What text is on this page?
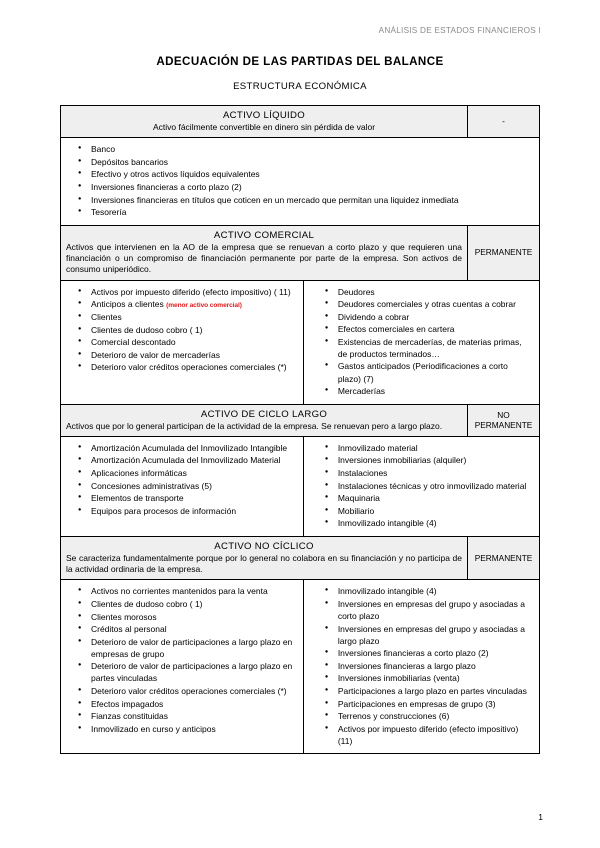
ANÁLISIS DE ESTADOS FINANCIEROS I
ADECUACIÓN DE LAS PARTIDAS DEL BALANCE
ESTRUCTURA ECONÓMICA
ACTIVO LÍQUIDO
Activo fácilmente convertible en dinero sin pérdida de valor
-
● Banco
● Depósitos bancarios
● Efectivo y otros activos líquidos equivalentes
● Inversiones financieras a corto plazo (2)
● Inversiones financieras en títulos que coticen en un mercado que permitan una liquidez inmediata
● Tesorería
ACTIVO COMERCIAL
Activos que intervienen en la AO de la empresa que se renuevan a corto plazo y que requieren una financiación o un compromiso de financiación permanente por parte de la empresa. Son activos de consumo uniperiódico.
PERMANENTE
● Activos por impuesto diferido (efecto impositivo) ( 11)
● Anticipos a clientes (menor activo comercial)
● Clientes
● Clientes de dudoso cobro ( 1)
● Comercial descontado
● Deterioro de valor de mercaderías
● Deterioro valor créditos operaciones comerciales (*)
● Deudores
● Deudores comerciales y otras cuentas a cobrar
● Dividendo a cobrar
● Efectos comerciales en cartera
● Existencias de mercaderías, de materias primas, de productos terminados…
● Gastos anticipados (Periodificaciones a corto plazo) (7)
● Mercaderías
ACTIVO DE CICLO LARGO
Activos que por lo general participan de la actividad de la empresa. Se renuevan pero a largo plazo.
NO PERMANENTE
● Amortización Acumulada del Inmovilizado Intangible
● Amortización Acumulada del Inmovilizado Material
● Aplicaciones informáticas
● Concesiones administrativas (5)
● Elementos de transporte
● Equipos para procesos de información
● Inmovilizado material
● Inversiones inmobiliarias (alquiler)
● Instalaciones
● Instalaciones técnicas y otro inmovilizado material
● Maquinaria
● Mobiliario
● Inmovilizado intangible (4)
ACTIVO NO CÍCLICO
Se caracteriza fundamentalmente porque por lo general no colabora en su financiación y no participa de la actividad ordinaria de la empresa.
PERMANENTE
● Activos no corrientes mantenidos para la venta
● Clientes de dudoso cobro ( 1)
● Clientes morosos
● Créditos al personal
● Deterioro de valor de participaciones a largo plazo en empresas de grupo
● Deterioro de valor de participaciones a largo plazo en partes vinculadas
● Deterioro valor créditos operaciones comerciales (*)
● Efectos impagados
● Fianzas constituidas
● Inmovilizado en curso y anticipos
● Inmovilizado intangible (4)
● Inversiones en empresas del grupo y asociadas a corto plazo
● Inversiones en empresas del grupo y asociadas a largo plazo
● Inversiones financieras a corto plazo (2)
● Inversiones financieras a largo plazo
● Inversiones inmobiliarias (venta)
● Participaciones a largo plazo en partes vinculadas
● Participaciones en empresas de grupo (3)
● Terrenos y construcciones (6)
● Activos por impuesto diferido (efecto impositivo) (11)
1
